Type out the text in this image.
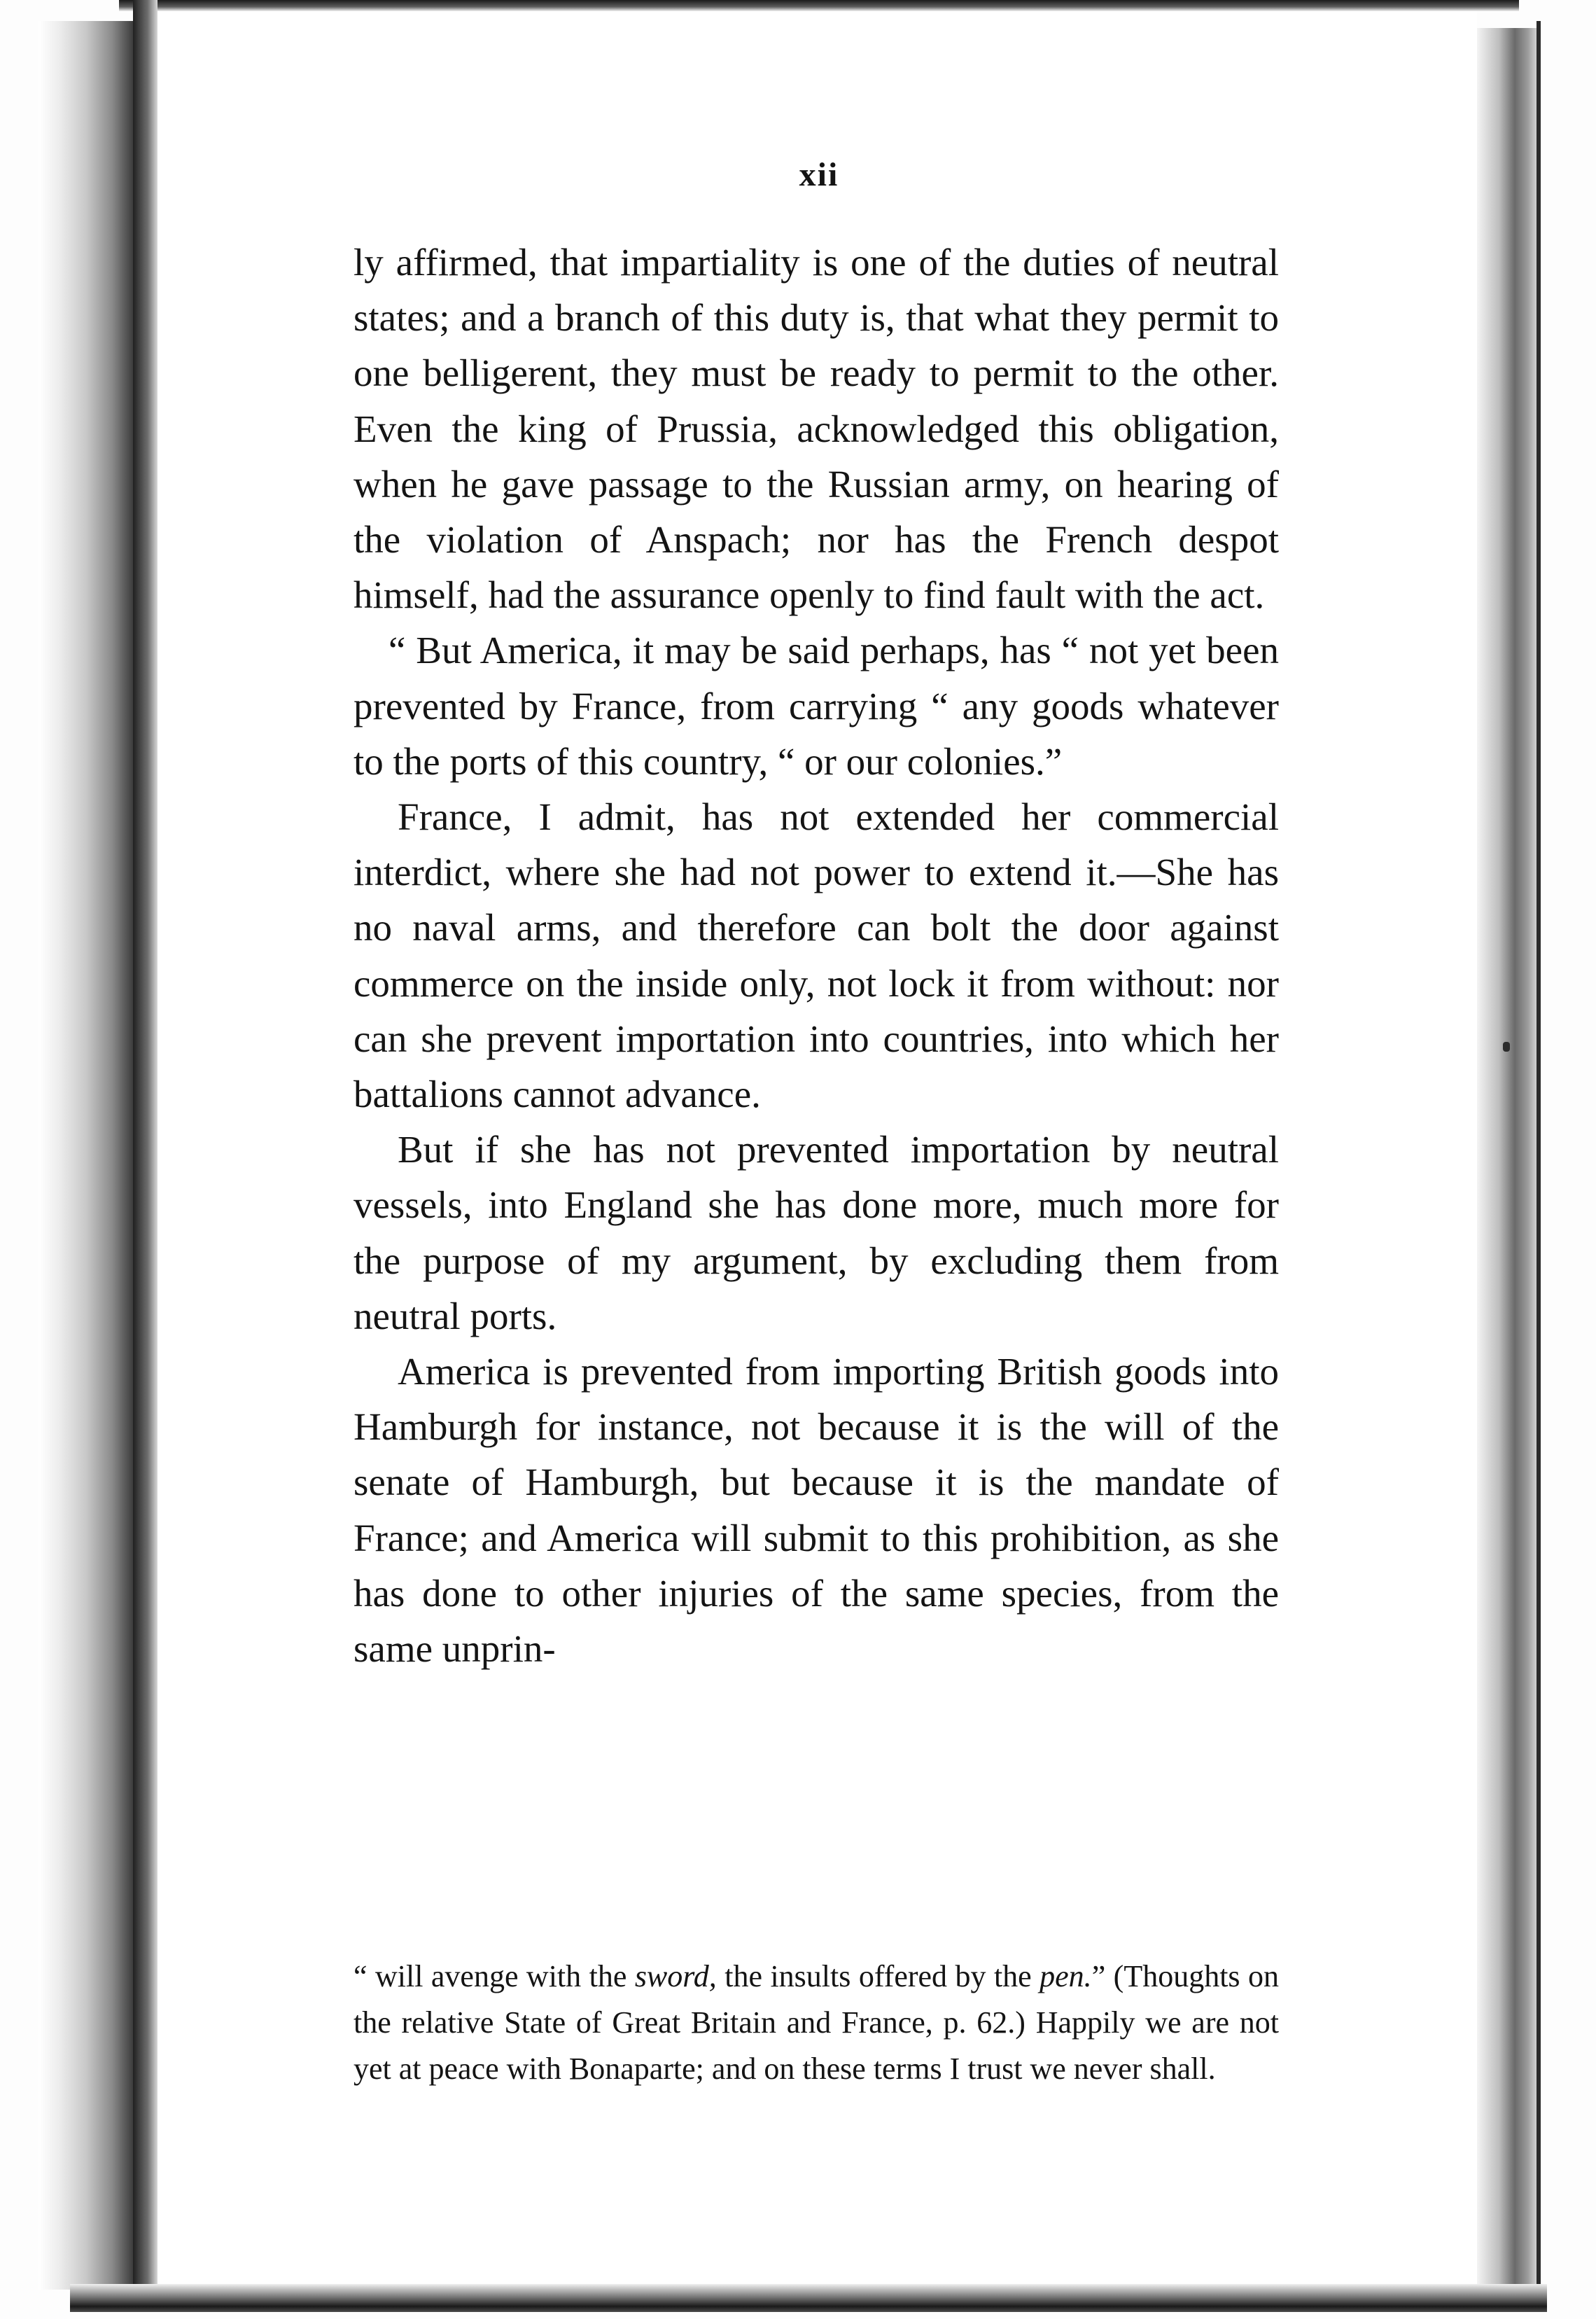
xii

ly affirmed, that impartiality is one of the duties of neutral states; and a branch of this duty is, that what they permit to one belligerent, they must be ready to permit to the other. Even the king of Prussia, acknowledged this obligation, when he gave passage to the Russian army, on hearing of the violation of Anspach; nor has the French despot himself, had the assurance openly to find fault with the act.

“ But America, it may be said perhaps, has “ not yet been prevented by France, from carrying “ any goods whatever to the ports of this country, “ or our colonies.”

France, I admit, has not extended her commercial interdict, where she had not power to extend it.—She has no naval arms, and therefore can bolt the door against commerce on the inside only, not lock it from without: nor can she prevent importation into countries, into which her battalions cannot advance.

But if she has not prevented importation by neutral vessels, into England she has done more, much more for the purpose of my argument, by excluding them from neutral ports.

America is prevented from importing British goods into Hamburgh for instance, not because it is the will of the senate of Hamburgh, but because it is the mandate of France; and America will submit to this prohibition, as she has done to other injuries of the same species, from the same unprin-

“ will avenge with the sword, the insults offered by the pen.” (Thoughts on the relative State of Great Britain and France, p. 62.) Happily we are not yet at peace with Bonaparte; and on these terms I trust we never shall.
